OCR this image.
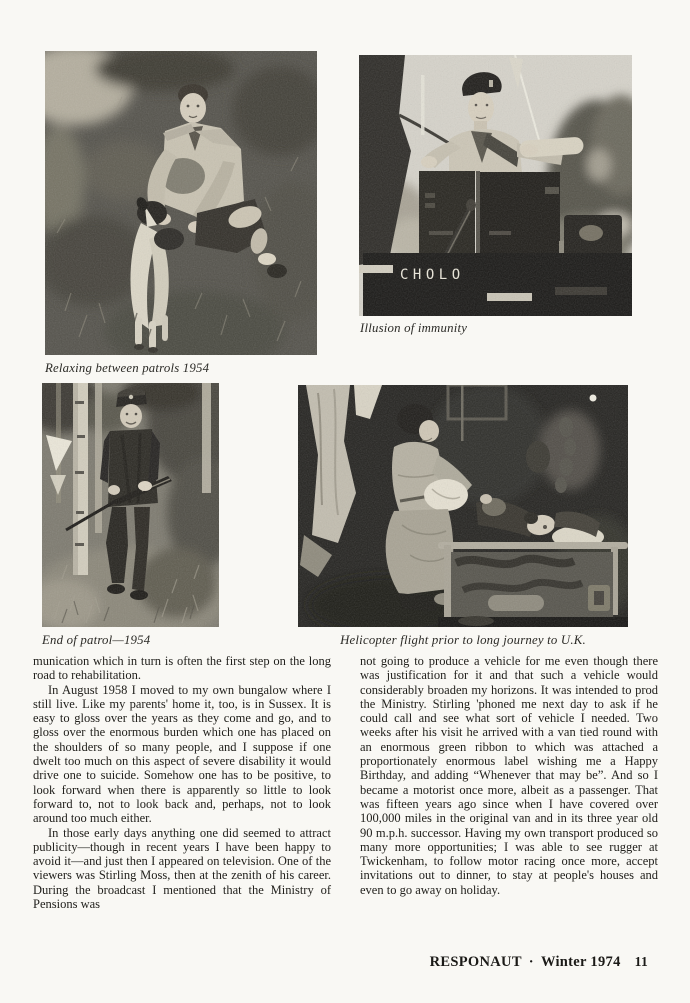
Relaxing between patrols 1954
CHOLO
Illusion of immunity
End of patrol—1954	Helicopter flight prior to long journey to U.K.

munication which in turn is often the first step on the long road to rehabilitation.

In August 1958 I moved to my own bungalow where I still live. Like my parents' home it, too, is in Sussex. It is easy to gloss over the years as they come and go, and to gloss over the enormous burden which one has placed on the shoulders of so many people, and I suppose if one dwelt too much on this aspect of severe disability it would drive one to suicide. Somehow one has to be positive, to look forward when there is apparently so little to look forward to, not to look back and, perhaps, not to look around too much either.

In those early days anything one did seemed to attract publicity—though in recent years I have been happy to avoid it—and just then I appeared on television. One of the viewers was Stirling Moss, then at the zenith of his career. During the broadcast I mentioned that the Ministry of Pensions was

not going to produce a vehicle for me even though there was justification for it and that such a vehicle would considerably broaden my horizons. It was intended to prod the Ministry. Stirling 'phoned me next day to ask if he could call and see what sort of vehicle I needed. Two weeks after his visit he arrived with a van tied round with an enormous green ribbon to which was attached a proportionately enormous label wishing me a Happy Birthday, and adding “Whenever that may be”. And so I became a motorist once more, albeit as a passenger. That was fifteen years ago since when I have covered over 100,000 miles in the original van and in its three year old 90 m.p.h. successor. Having my own transport produced so many more opportunities; I was able to see rugger at Twickenham, to follow motor racing once more, accept invitations out to dinner, to stay at people's houses and even to go away on holiday.

RESPONAUT · Winter 1974 11
